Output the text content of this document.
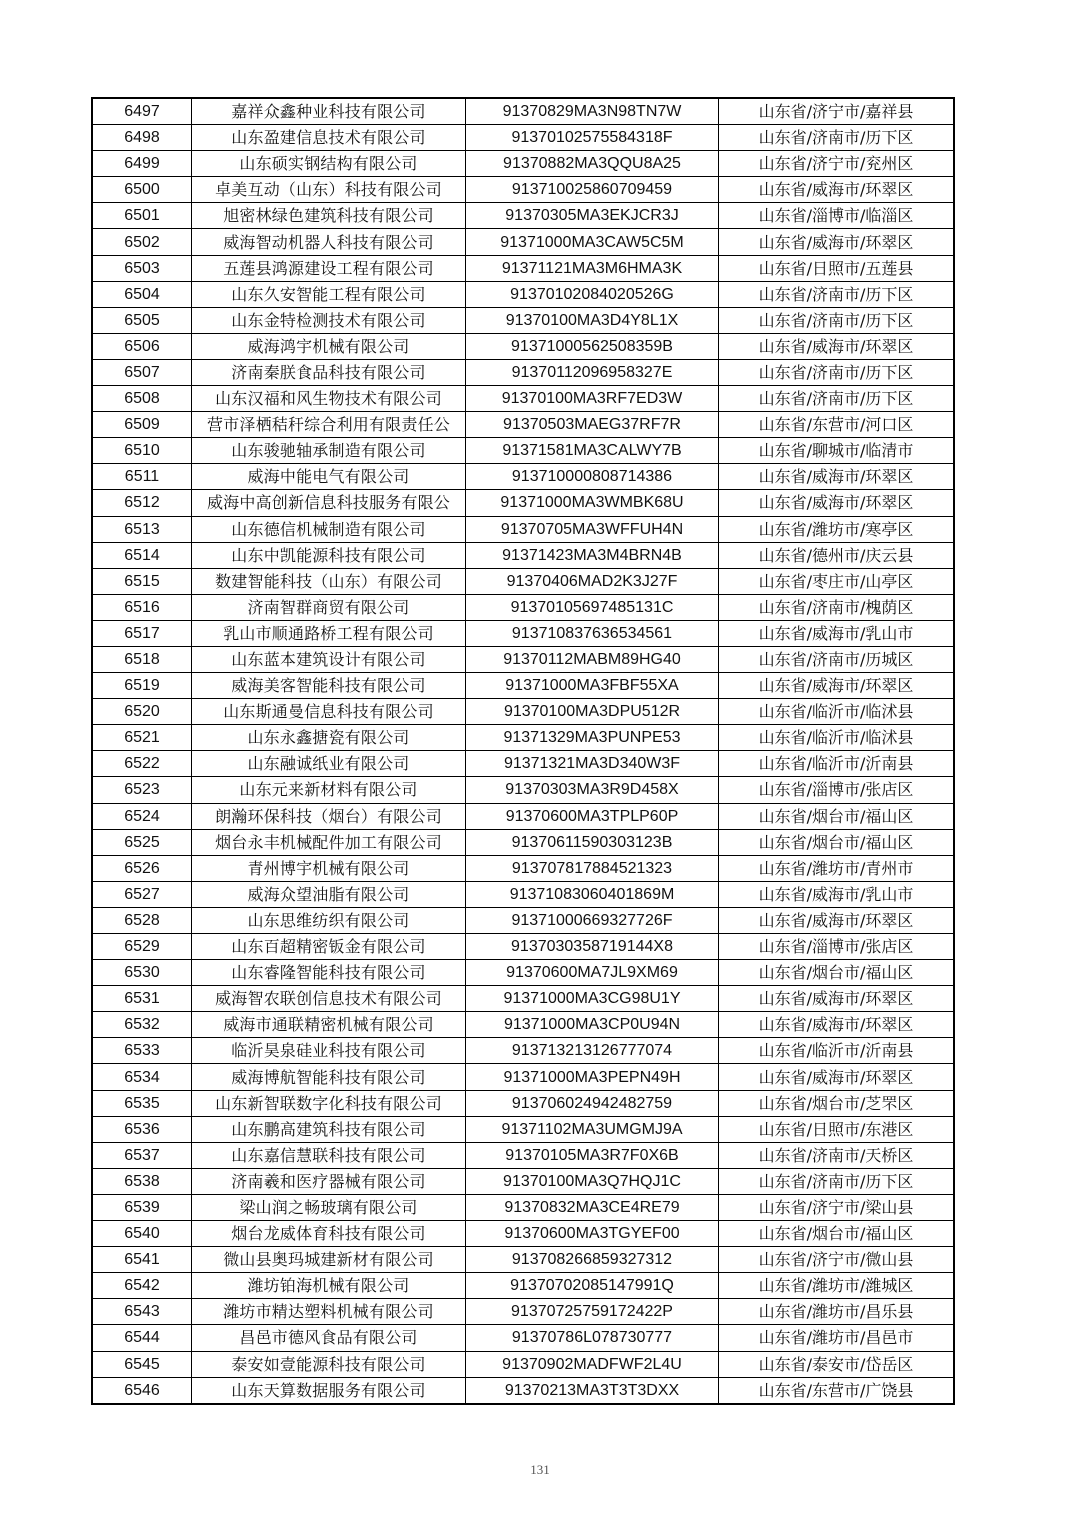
6497	嘉祥众鑫种业科技有限公司	91370829MA3N98TN7W	山东省/济宁市/嘉祥县
6498	山东盈建信息技术有限公司	91370102575584318F	山东省/济南市/历下区
6499	山东硕实钢结构有限公司	91370882MA3QQU8A25	山东省/济宁市/兖州区
6500	卓美互动（山东）科技有限公司	913710025860709459	山东省/威海市/环翠区
6501	旭密林绿色建筑科技有限公司	91370305MA3EKJCR3J	山东省/淄博市/临淄区
6502	威海智动机器人科技有限公司	91371000MA3CAW5C5M	山东省/威海市/环翠区
6503	五莲县鸿源建设工程有限公司	91371121MA3M6HMA3K	山东省/日照市/五莲县
6504	山东久安智能工程有限公司	91370102084020526G	山东省/济南市/历下区
6505	山东金特检测技术有限公司	91370100MA3D4Y8L1X	山东省/济南市/历下区
6506	威海鸿宇机械有限公司	91371000562508359B	山东省/威海市/环翠区
6507	济南秦朕食品科技有限公司	91370112096958327E	山东省/济南市/历下区
6508	山东汉福和风生物技术有限公司	91370100MA3RF7ED3W	山东省/济南市/历下区
6509	营市泽栖秸秆综合利用有限责任公	91370503MAEG37RF7R	山东省/东营市/河口区
6510	山东骏驰轴承制造有限公司	91371581MA3CALWY7B	山东省/聊城市/临清市
6511	威海中能电气有限公司	913710000808714386	山东省/威海市/环翠区
6512	威海中高创新信息科技服务有限公	91371000MA3WMBK68U	山东省/威海市/环翠区
6513	山东德信机械制造有限公司	91370705MA3WFFUH4N	山东省/潍坊市/寒亭区
6514	山东中凯能源科技有限公司	91371423MA3M4BRN4B	山东省/德州市/庆云县
6515	数建智能科技（山东）有限公司	91370406MAD2K3J27F	山东省/枣庄市/山亭区
6516	济南智群商贸有限公司	91370105697485131C	山东省/济南市/槐荫区
6517	乳山市顺通路桥工程有限公司	913710837636534561	山东省/威海市/乳山市
6518	山东蓝本建筑设计有限公司	91370112MABM89HG40	山东省/济南市/历城区
6519	威海美客智能科技有限公司	91371000MA3FBF55XA	山东省/威海市/环翠区
6520	山东斯通曼信息科技有限公司	91370100MA3DPU512R	山东省/临沂市/临沭县
6521	山东永鑫搪瓷有限公司	91371329MA3PUNPE53	山东省/临沂市/临沭县
6522	山东融诚纸业有限公司	91371321MA3D340W3F	山东省/临沂市/沂南县
6523	山东元来新材料有限公司	91370303MA3R9D458X	山东省/淄博市/张店区
6524	朗瀚环保科技（烟台）有限公司	91370600MA3TPLP60P	山东省/烟台市/福山区
6525	烟台永丰机械配件加工有限公司	91370611590303123B	山东省/烟台市/福山区
6526	青州博宇机械有限公司	913707817884521323	山东省/潍坊市/青州市
6527	威海众望油脂有限公司	91371083060401869M	山东省/威海市/乳山市
6528	山东思维纺织有限公司	91371000669327726F	山东省/威海市/环翠区
6529	山东百超精密钣金有限公司	9137030358719144X8	山东省/淄博市/张店区
6530	山东睿隆智能科技有限公司	91370600MA7JL9XM69	山东省/烟台市/福山区
6531	威海智农联创信息技术有限公司	91371000MA3CG98U1Y	山东省/威海市/环翠区
6532	威海市通联精密机械有限公司	91371000MA3CP0U94N	山东省/威海市/环翠区
6533	临沂昊泉硅业科技有限公司	913713213126777074	山东省/临沂市/沂南县
6534	威海博航智能科技有限公司	91371000MA3PEPN49H	山东省/威海市/环翠区
6535	山东新智联数字化科技有限公司	913706024942482759	山东省/烟台市/芝罘区
6536	山东鹏高建筑科技有限公司	91371102MA3UMGMJ9A	山东省/日照市/东港区
6537	山东嘉信慧联科技有限公司	91370105MA3R7F0X6B	山东省/济南市/天桥区
6538	济南羲和医疗器械有限公司	91370100MA3Q7HQJ1C	山东省/济南市/历下区
6539	梁山润之畅玻璃有限公司	91370832MA3CE4RE79	山东省/济宁市/梁山县
6540	烟台龙威体育科技有限公司	91370600MA3TGYEF00	山东省/烟台市/福山区
6541	微山县奥玛城建新材有限公司	913708266859327312	山东省/济宁市/微山县
6542	潍坊铂海机械有限公司	91370702085147991Q	山东省/潍坊市/潍城区
6543	潍坊市精达塑料机械有限公司	91370725759172422P	山东省/潍坊市/昌乐县
6544	昌邑市德风食品有限公司	91370786L078730777	山东省/潍坊市/昌邑市
6545	泰安如壹能源科技有限公司	91370902MADFWF2L4U	山东省/泰安市/岱岳区
6546	山东天算数据服务有限公司	91370213MA3T3T3DXX	山东省/东营市/广饶县
131
